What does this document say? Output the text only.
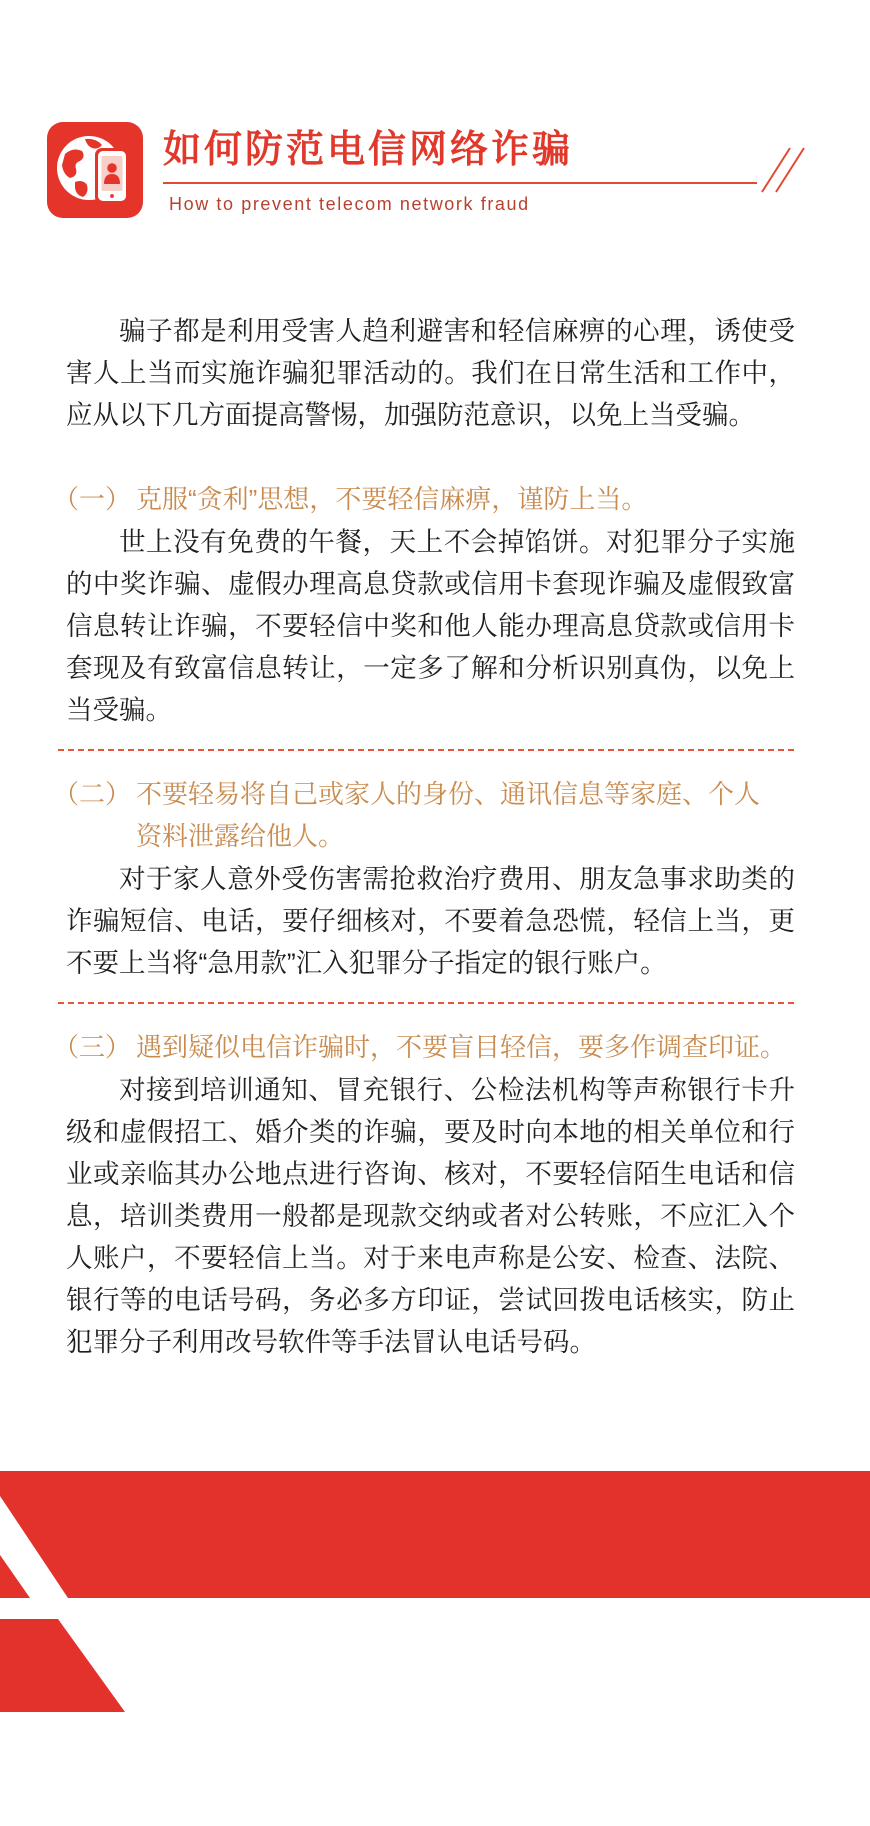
如何防范电信网络诈骗
How to prevent telecom network fraud
骗子都是利用受害人趋利避害和轻信麻痹的心理，诱使受
害人上当而实施诈骗犯罪活动的。我们在日常生活和工作中，
应从以下几方面提高警惕，加强防范意识，以免上当受骗。
（一） 克服“贪利”思想，不要轻信麻痹，谨防上当。
世上没有免费的午餐，天上不会掉馅饼。对犯罪分子实施
的中奖诈骗、虚假办理高息贷款或信用卡套现诈骗及虚假致富
信息转让诈骗，不要轻信中奖和他人能办理高息贷款或信用卡
套现及有致富信息转让，一定多了解和分析识别真伪，以免上
当受骗。
（二） 不要轻易将自己或家人的身份、通讯信息等家庭、个人
资料泄露给他人。
对于家人意外受伤害需抢救治疗费用、朋友急事求助类的
诈骗短信、电话，要仔细核对，不要着急恐慌，轻信上当，更
不要上当将“急用款”汇入犯罪分子指定的银行账户。
（三） 遇到疑似电信诈骗时，不要盲目轻信，要多作调查印证。
对接到培训通知、冒充银行、公检法机构等声称银行卡升
级和虚假招工、婚介类的诈骗，要及时向本地的相关单位和行
业或亲临其办公地点进行咨询、核对，不要轻信陌生电话和信
息，培训类费用一般都是现款交纳或者对公转账，不应汇入个
人账户，不要轻信上当。对于来电声称是公安、检查、法院、
银行等的电话号码，务必多方印证，尝试回拨电话核实，防止
犯罪分子利用改号软件等手法冒认电话号码。
